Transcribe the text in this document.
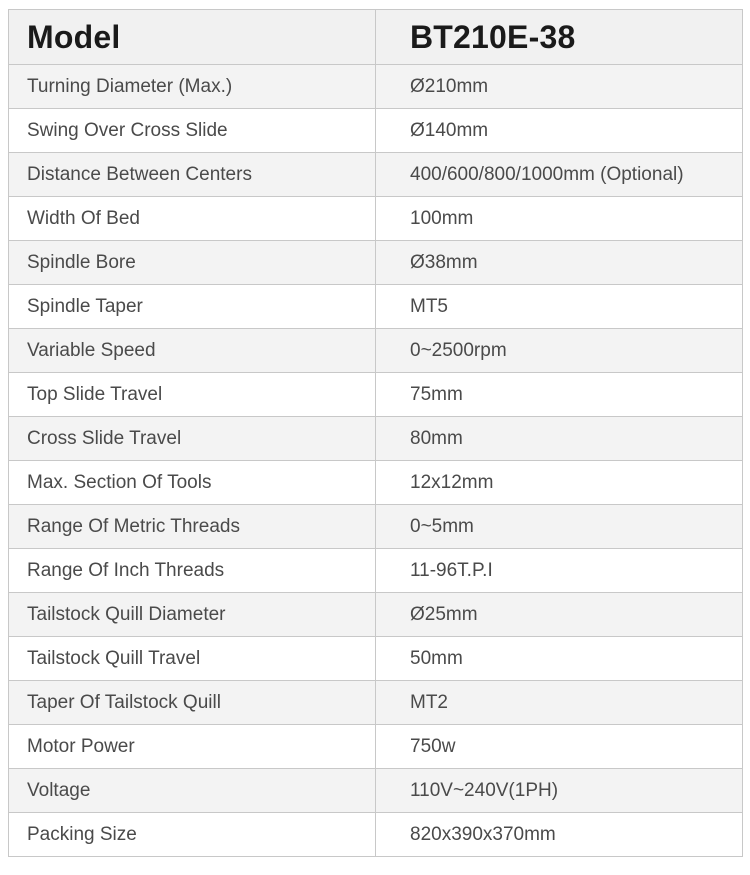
Model	BT210E-38
Turning Diameter (Max.)	Ø210mm
Swing Over Cross Slide	Ø140mm
Distance Between Centers	400/600/800/1000mm (Optional)
Width Of Bed	100mm
Spindle Bore	Ø38mm
Spindle Taper	MT5
Variable Speed	0~2500rpm
Top Slide Travel	75mm
Cross Slide Travel	80mm
Max. Section Of Tools	12x12mm
Range Of Metric Threads	0~5mm
Range Of Inch Threads	11-96T.P.I
Tailstock Quill Diameter	Ø25mm
Tailstock Quill Travel	50mm
Taper Of Tailstock Quill	MT2
Motor Power	750w
Voltage	110V~240V(1PH)
Packing Size	820x390x370mm
